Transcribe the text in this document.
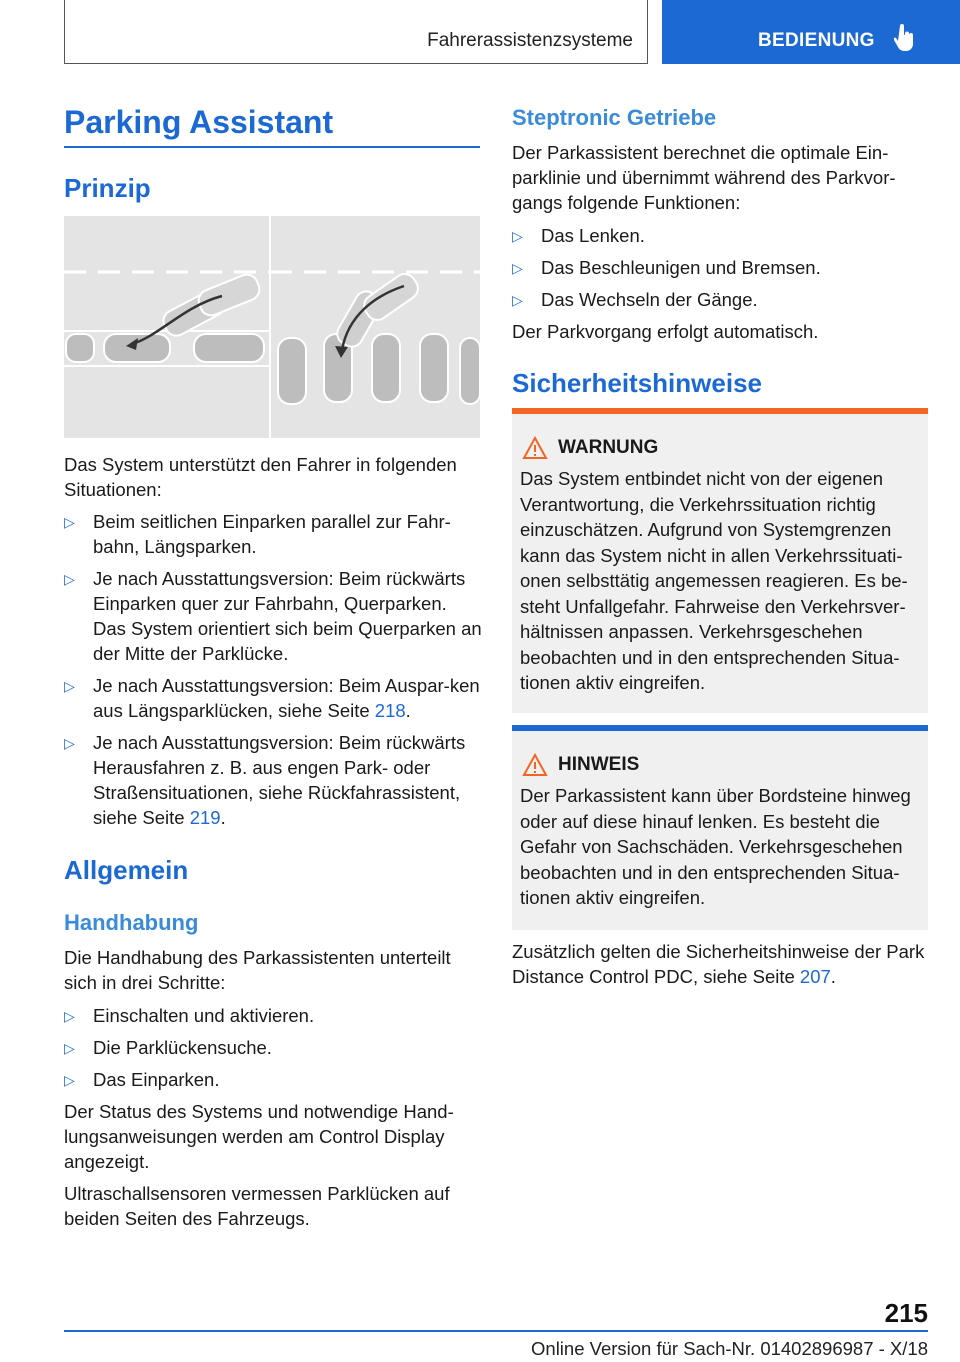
Fahrerassistenzsysteme	BEDIENUNG
Parking Assistant
Prinzip

Das System unterstützt den Fahrer in folgenden Situationen:

▷ Beim seitlichen Einparken parallel zur Fahr- bahn, Längsparken.
▷ Je nach Ausstattungsversion: Beim rückwärts Einparken quer zur Fahrbahn, Querparken. Das System orientiert sich beim Querparken an der Mitte der Parklücke.
▷ Je nach Ausstattungsversion: Beim Auspar-ken aus Längsparklücken, siehe Seite 218.
▷ Je nach Ausstattungsversion: Beim rückwärts Herausfahren z. B. aus engen Park- oder Straßensituationen, siehe Rückfahrassistent, siehe Seite 219.
Allgemein
Handhabung

Die Handhabung des Parkassistenten unterteilt sich in drei Schritte:

▷ Einschalten und aktivieren.
▷ Die Parklückensuche.
▷ Das Einparken.

Der Status des Systems und notwendige Hand-lungsanweisungen werden am Control Display angezeigt.

Ultraschallsensoren vermessen Parklücken auf beiden Seiten des Fahrzeugs.

Steptronic Getriebe

Der Parkassistent berechnet die optimale Ein-parklinie und übernimmt während des Parkvor-gangs folgende Funktionen:

▷ Das Lenken.
▷ Das Beschleunigen und Bremsen.
▷ Das Wechseln der Gänge.

Der Parkvorgang erfolgt automatisch.

Sicherheitshinweise
WARNUNG
Das System entbindet nicht von der eigenen Verantwortung, die Verkehrssituation richtig einzuschätzen. Aufgrund von Systemgrenzen kann das System nicht in allen Verkehrssituati-onen selbsttätig angemessen reagieren. Es be-steht Unfallgefahr. Fahrweise den Verkehrsver-hältnissen anpassen. Verkehrsgeschehen beobachten und in den entsprechenden Situa-tionen aktiv eingreifen.
HINWEIS
Der Parkassistent kann über Bordsteine hinweg oder auf diese hinauf lenken. Es besteht die Gefahr von Sachschäden. Verkehrsgeschehen beobachten und in den entsprechenden Situa-tionen aktiv eingreifen.

Zusätzlich gelten die Sicherheitshinweise der Park Distance Control PDC, siehe Seite 207.

215
Online Version für Sach-Nr. 01402896987 - X/18
